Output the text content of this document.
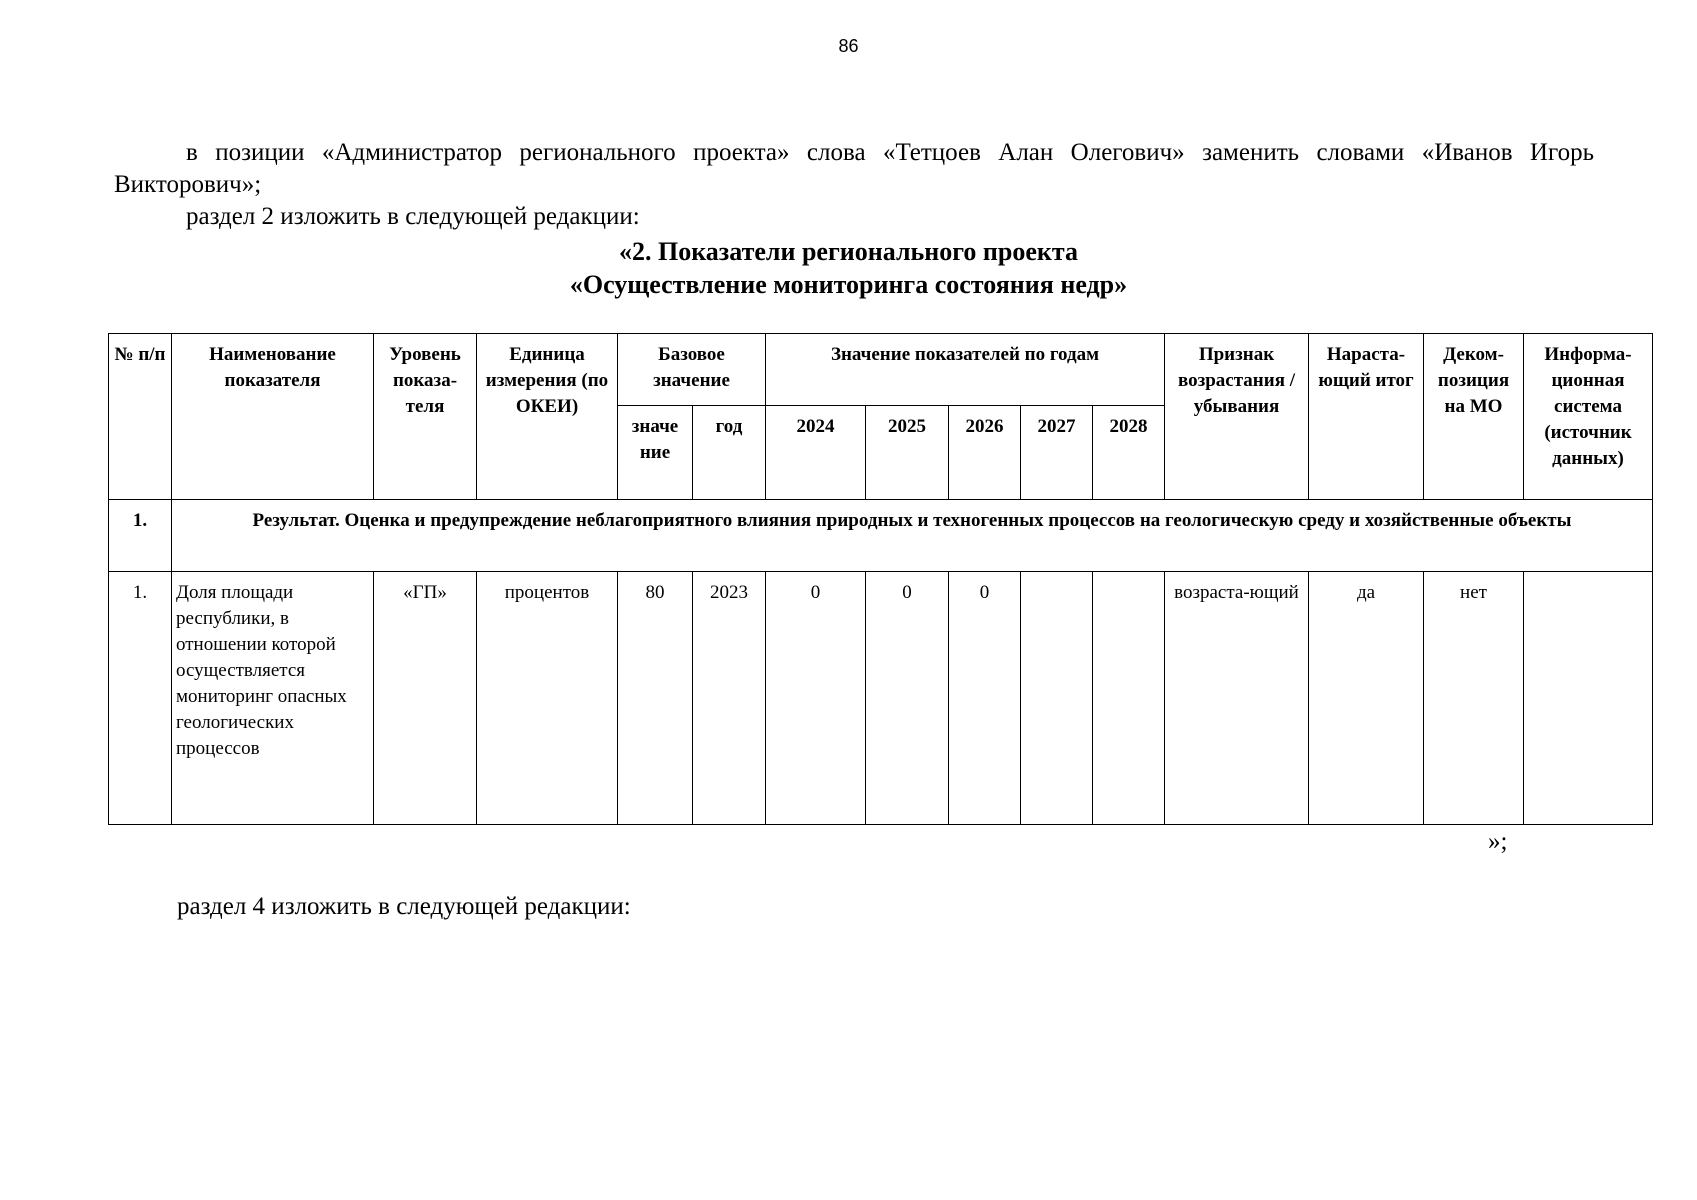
86
в позиции «Администратор регионального проекта» слова «Тетцоев Алан Олегович» заменить словами «Иванов Игорь Викторович»;
раздел 2 изложить в следующей редакции:
«2. Показатели регионального проекта
«Осуществление мониторинга состояния недр»
№ п/п	Наименование показателя	Уровень показа-теля	Единица измерения (по ОКЕИ)	Базовое значение		Значение показателей по годам					Признак возрастания / убывания	Нараста-ющий итог	Деком-позиция на МО	Информа-ционная система (источник данных)
				значе ние	год	2024	2025	2026	2027	2028				
1.	Результат. Оценка и предупреждение неблагоприятного влияния природных и техногенных процессов на геологическую среду и хозяйственные объекты													
1.	Доля площади республики, в отношении которой осуществляется мониторинг опасных геологических процессов	«ГП»	процентов	80	2023	0	0	0			возраста-ющий	да	нет	
»;
раздел 4 изложить в следующей редакции:
